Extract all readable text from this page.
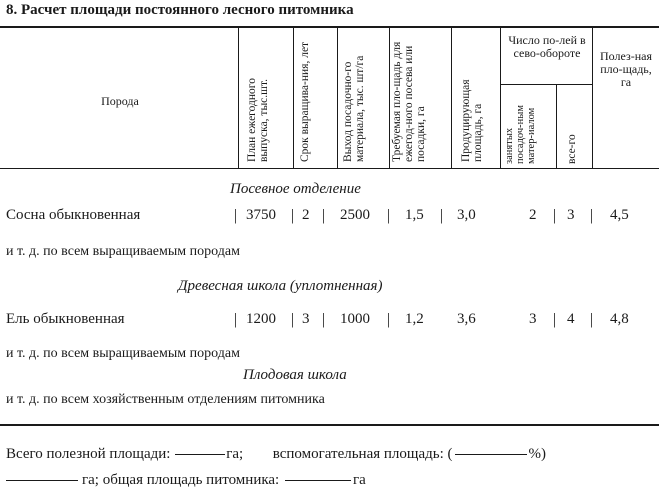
8. Расчет площади постоянного лесного питомника
Порода	План ежегодного выпуска, тыс.шт.	Срок выращива-ния, лет	Выход посадочно-го материала, тыс. шт/га	Требуемая пло-щадь для ежегод-ного посева или посадки, га	Продуцирующая площадь, га
Число по-лей в сево-обороте
занятых посадоч-ным матер-иалом	все-го
Полез-ная пло-щадь, га
Посевное отделение
Сосна обыкновенная	| 3750 | 2 | 2500 | 1,5 | 3,0	2 | 3 | 4,5
и т. д. по всем выращиваемым породам
Древесная школа (уплотненная)
Ель обыкновенная	| 1200 | 3 | 1000 | 1,2 3,6	3 | 4 | 4,8
и т. д. по всем выращиваемым породам
Плодовая школа
и т. д. по всем хозяйственным отделениям питомника
Всего полезной площади:	га; вспомогательная площадь: (	%)
га; общая площадь питомника:	га
